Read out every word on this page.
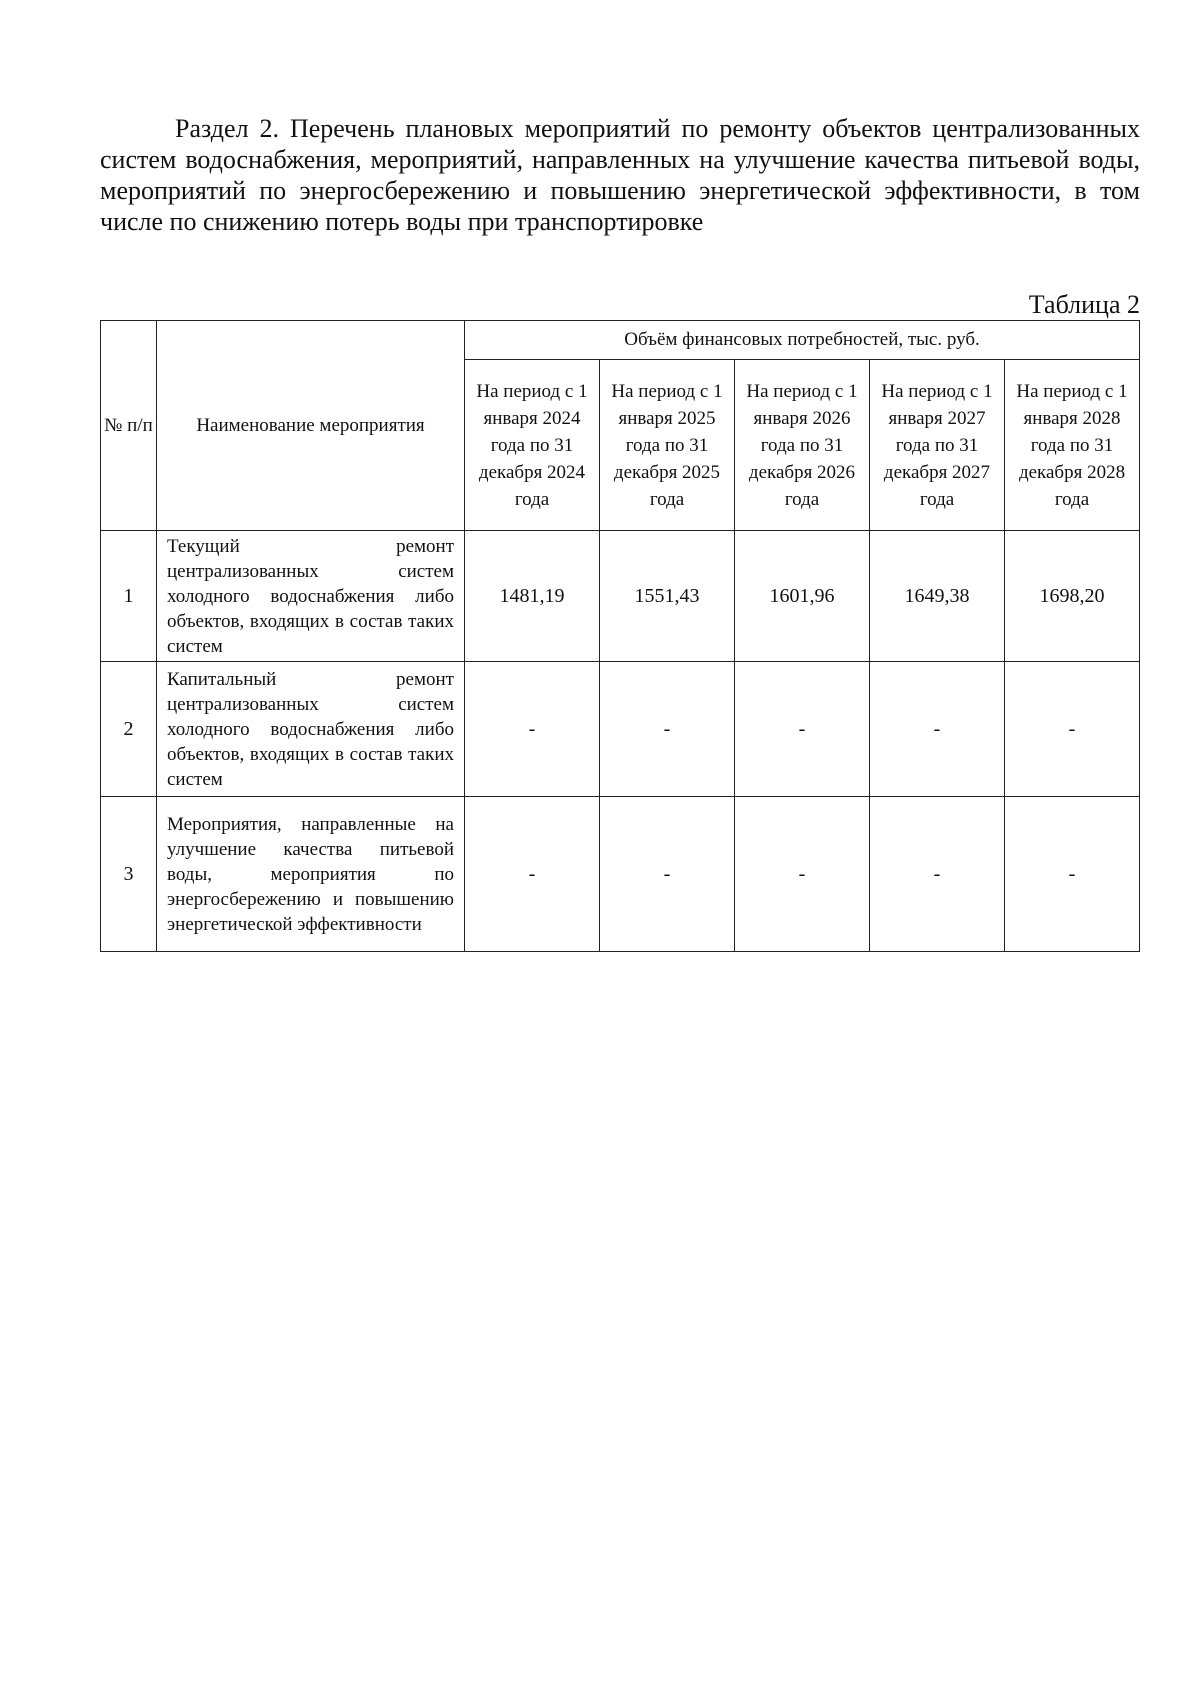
Раздел 2. Перечень плановых мероприятий по ремонту объектов централизованных систем водоснабжения, мероприятий, направленных на улучшение качества питьевой воды, мероприятий по энергосбережению и повышению энергетической эффективности, в том числе по снижению потерь воды при транспортировке
Таблица 2
№ п/п	Наименование мероприятия	Объём финансовых потребностей, тыс. руб.				
		На период с 1 января 2024 года по 31 декабря 2024 года	На период с 1 января 2025 года по 31 декабря 2025 года	На период с 1 января 2026 года по 31 декабря 2026 года	На период с 1 января 2027 года по 31 декабря 2027 года	На период с 1 января 2028 года по 31 декабря 2028 года
1	Текущий ремонт централизованных систем холодного водоснабжения либо объектов, входящих в состав таких систем	1481,19	1551,43	1601,96	1649,38	1698,20
2	Капитальный ремонт централизованных систем холодного водоснабжения либо объектов, входящих в состав таких систем	-	-	-	-	-
3	Мероприятия, направленные на улучшение качества питьевой воды, мероприятия по энергосбережению и повышению энергетической эффективности	-	-	-	-	-
